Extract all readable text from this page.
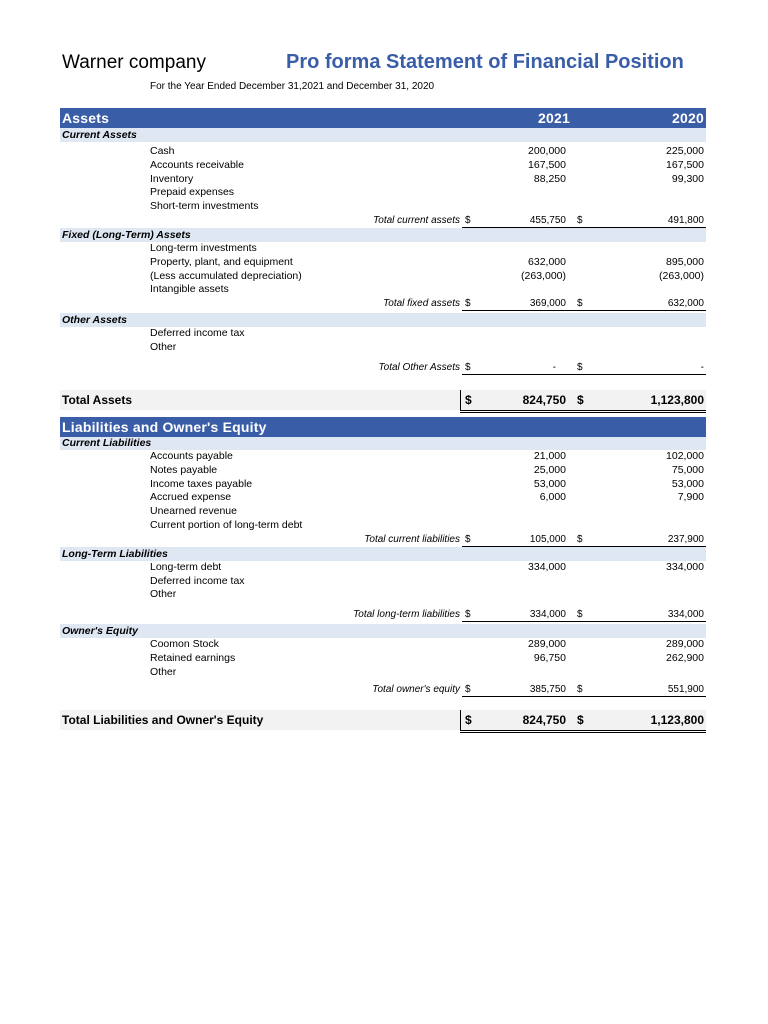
Warner company	Pro forma Statement of Financial Position
For the Year Ended December 31,2021 and December 31, 2020
Assets	2021	2020
Current Assets
Cash	200,000	225,000
Accounts receivable	167,500	167,500
Inventory	88,250	99,300
Prepaid expenses
Short-term investments
Total current assets $	455,750 $	491,800
Fixed (Long-Term) Assets
Long-term investments
Property, plant, and equipment	632,000	895,000
(Less accumulated depreciation)	(263,000)	(263,000)
Intangible assets
Total fixed assets $	369,000 $	632,000
Other Assets
Deferred income tax
Other
Total Other Assets $	- $	-
Total Assets	$	824,750 $	1,123,800
Liabilities and Owner's Equity
Current Liabilities
Accounts payable	21,000	102,000
Notes payable	25,000	75,000
Income taxes payable	53,000	53,000
Accrued expense	6,000	7,900
Unearned revenue
Current portion of long-term debt
Total current liabilities $	105,000 $	237,900
Long-Term Liabilities
Long-term debt	334,000	334,000
Deferred income tax
Other
Total long-term liabilities $	334,000 $	334,000
Owner's Equity
Coomon Stock	289,000	289,000
Retained earnings	96,750	262,900
Other
Total owner's equity $	385,750 $	551,900
Total Liabilities and Owner's Equity	$	824,750 $	1,123,800
